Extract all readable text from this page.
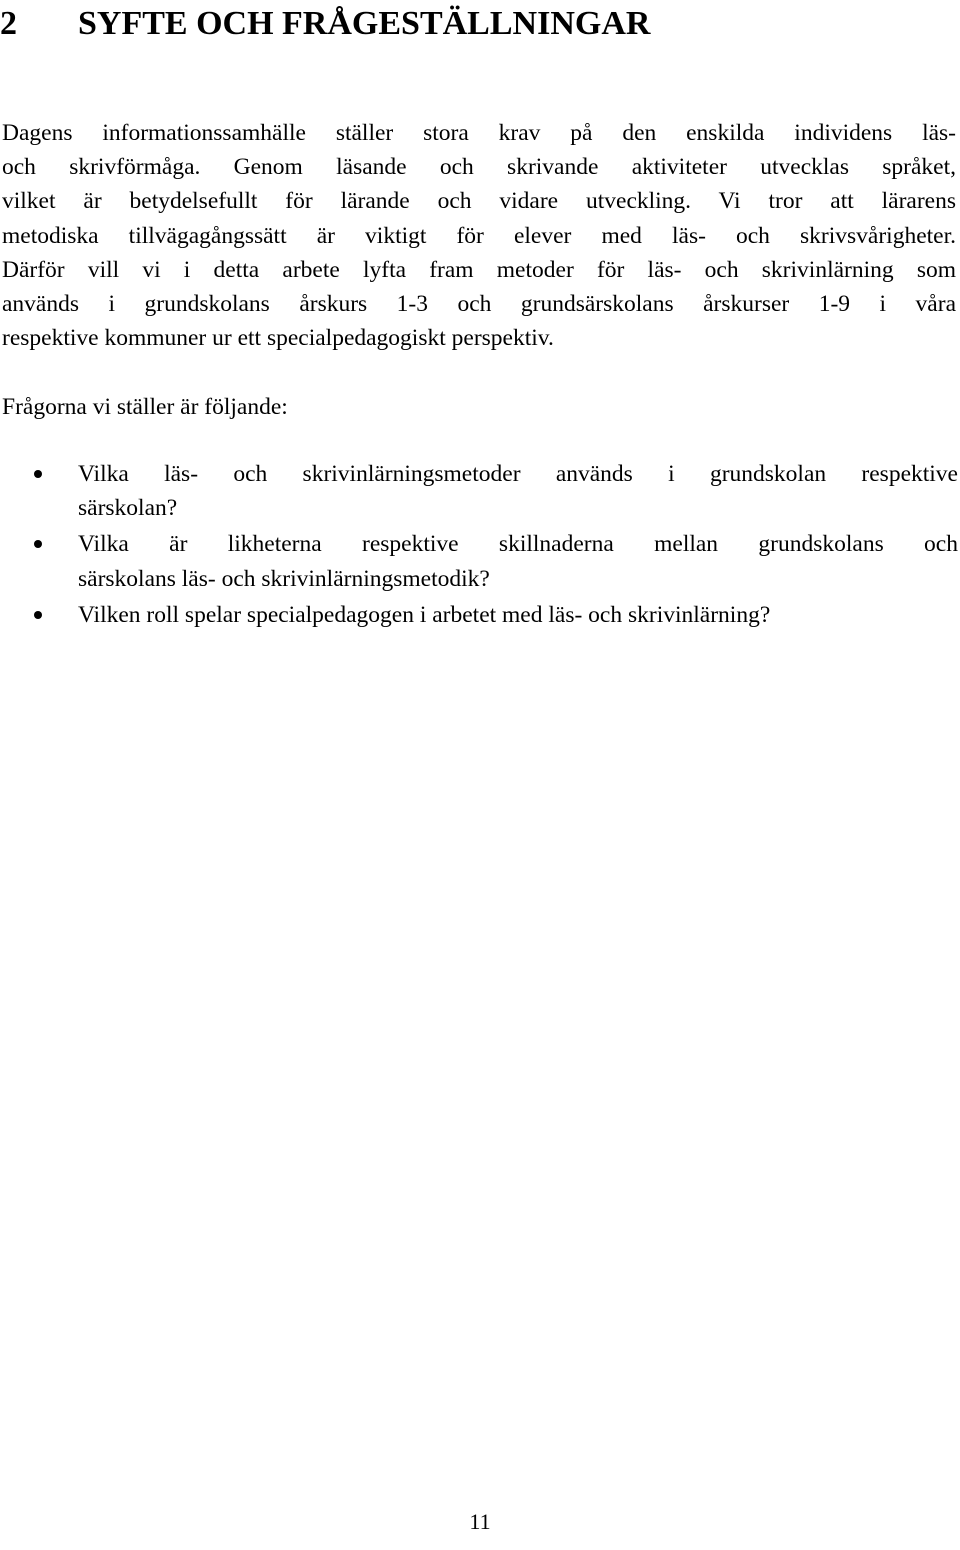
2 SYFTE OCH FRÅGESTÄLLNINGAR

Dagens informationssamhälle ställer stora krav på den enskilda individens läs-
och skrivförmåga. Genom läsande och skrivande aktiviteter utvecklas språket,
vilket är betydelsefullt för lärande och vidare utveckling. Vi tror att lärarens
metodiska tillvägagångssätt är viktigt för elever med läs- och skrivsvårigheter.
Därför vill vi i detta arbete lyfta fram metoder för läs- och skrivinlärning som
används i grundskolans årskurs 1-3 och grundsärskolans årskurser 1-9 i våra
respektive kommuner ur ett specialpedagogiskt perspektiv.

Frågorna vi ställer är följande:

Vilka läs- och skrivinlärningsmetoder används i grundskolan respektive
särskolan?
Vilka är likheterna respektive skillnaderna mellan grundskolans och
särskolans läs- och skrivinlärningsmetodik?
Vilken roll spelar specialpedagogen i arbetet med läs- och skrivinlärning?
11
